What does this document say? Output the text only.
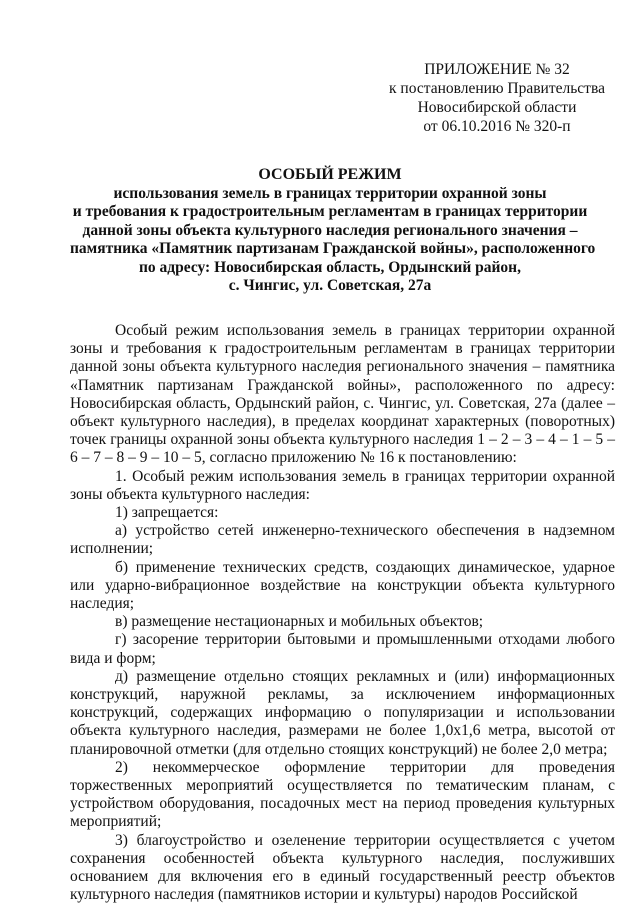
ПРИЛОЖЕНИЕ № 32
к постановлению Правительства
Новосибирской области
от 06.10.2016 № 320-п
ОСОБЫЙ РЕЖИМ
использования земель в границах территории охранной зоны
и требования к градостроительным регламентам в границах территории
данной зоны объекта культурного наследия регионального значения –
памятника «Памятник партизанам Гражданской войны», расположенного
по адресу: Новосибирская область, Ордынский район,
с. Чингис, ул. Советская, 27а

Особый режим использования земель в границах территории охранной зоны и требования к градостроительным регламентам в границах территории данной зоны объекта культурного наследия регионального значения – памятника «Памятник партизанам Гражданской войны», расположенного по адресу: Новосибирская область, Ордынский район, с. Чингис, ул. Советская, 27а (далее – объект культурного наследия), в пределах координат характерных (поворотных) точек границы охранной зоны объекта культурного наследия 1 – 2 – 3 – 4 – 1 – 5 – 6 – 7 – 8 – 9 – 10 – 5, согласно приложению № 16 к постановлению:

1. Особый режим использования земель в границах территории охранной зоны объекта культурного наследия:

1) запрещается:

а) устройство сетей инженерно-технического обеспечения в надземном исполнении;

б) применение технических средств, создающих динамическое, ударное или ударно-вибрационное воздействие на конструкции объекта культурного наследия;

в) размещение нестационарных и мобильных объектов;

г) засорение территории бытовыми и промышленными отходами любого вида и форм;

д) размещение отдельно стоящих рекламных и (или) информационных конструкций, наружной рекламы, за исключением информационных конструкций, содержащих информацию о популяризации и использовании объекта культурного наследия, размерами не более 1,0х1,6 метра, высотой от планировочной отметки (для отдельно стоящих конструкций) не более 2,0 метра;

2) некоммерческое оформление территории для проведения торжественных мероприятий осуществляется по тематическим планам, с устройством оборудования, посадочных мест на период проведения культурных мероприятий;

3) благоустройство и озеленение территории осуществляется с учетом сохранения особенностей объекта культурного наследия, послуживших основанием для включения его в единый государственный реестр объектов культурного наследия (памятников истории и культуры) народов Российской
